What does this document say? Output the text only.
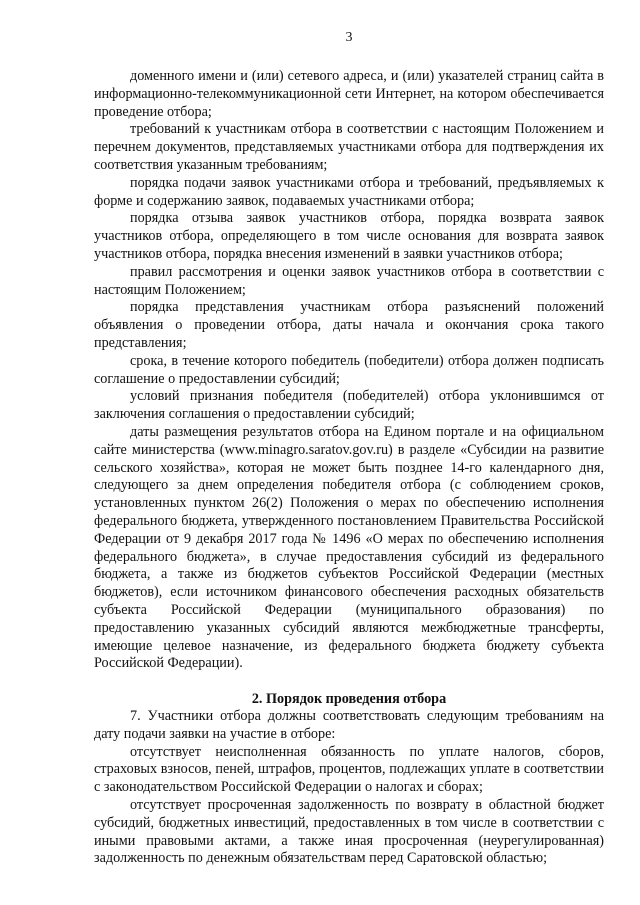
3

доменного имени и (или) сетевого адреса, и (или) указателей страниц сайта в информационно-телекоммуникационной сети Интернет, на котором обеспечивается проведение отбора;

требований к участникам отбора в соответствии с настоящим Положением и перечнем документов, представляемых участниками отбора для подтверждения их соответствия указанным требованиям;

порядка подачи заявок участниками отбора и требований, предъявляемых к форме и содержанию заявок, подаваемых участниками отбора;

порядка отзыва заявок участников отбора, порядка возврата заявок участников отбора, определяющего в том числе основания для возврата заявок участников отбора, порядка внесения изменений в заявки участников отбора;

правил рассмотрения и оценки заявок участников отбора в соответствии с настоящим Положением;

порядка представления участникам отбора разъяснений положений объявления о проведении отбора, даты начала и окончания срока такого представления;

срока, в течение которого победитель (победители) отбора должен подписать соглашение о предоставлении субсидий;

условий признания победителя (победителей) отбора уклонившимся от заключения соглашения о предоставлении субсидий;

даты размещения результатов отбора на Едином портале и на официальном сайте министерства (www.minagro.saratov.gov.ru) в разделе «Субсидии на развитие сельского хозяйства», которая не может быть позднее 14-го календарного дня, следующего за днем определения победителя отбора (с соблюдением сроков, установленных пунктом 26(2) Положения о мерах по обеспечению исполнения федерального бюджета, утвержденного постановлением Правительства Российской Федерации от 9 декабря 2017 года № 1496 «О мерах по обеспечению исполнения федерального бюджета», в случае предоставления субсидий из федерального бюджета, а также из бюджетов субъектов Российской Федерации (местных бюджетов), если источником финансового обеспечения расходных обязательств субъекта Российской Федерации (муниципального образования) по предоставлению указанных субсидий являются межбюджетные трансферты, имеющие целевое назначение, из федерального бюджета бюджету субъекта Российской Федерации).

2. Порядок проведения отбора

7. Участники отбора должны соответствовать следующим требованиям на дату подачи заявки на участие в отборе:

отсутствует неисполненная обязанность по уплате налогов, сборов, страховых взносов, пеней, штрафов, процентов, подлежащих уплате в соответствии с законодательством Российской Федерации о налогах и сборах;

отсутствует просроченная задолженность по возврату в областной бюджет субсидий, бюджетных инвестиций, предоставленных в том числе в соответствии с иными правовыми актами, а также иная просроченная (неурегулированная) задолженность по денежным обязательствам перед Саратовской областью;
